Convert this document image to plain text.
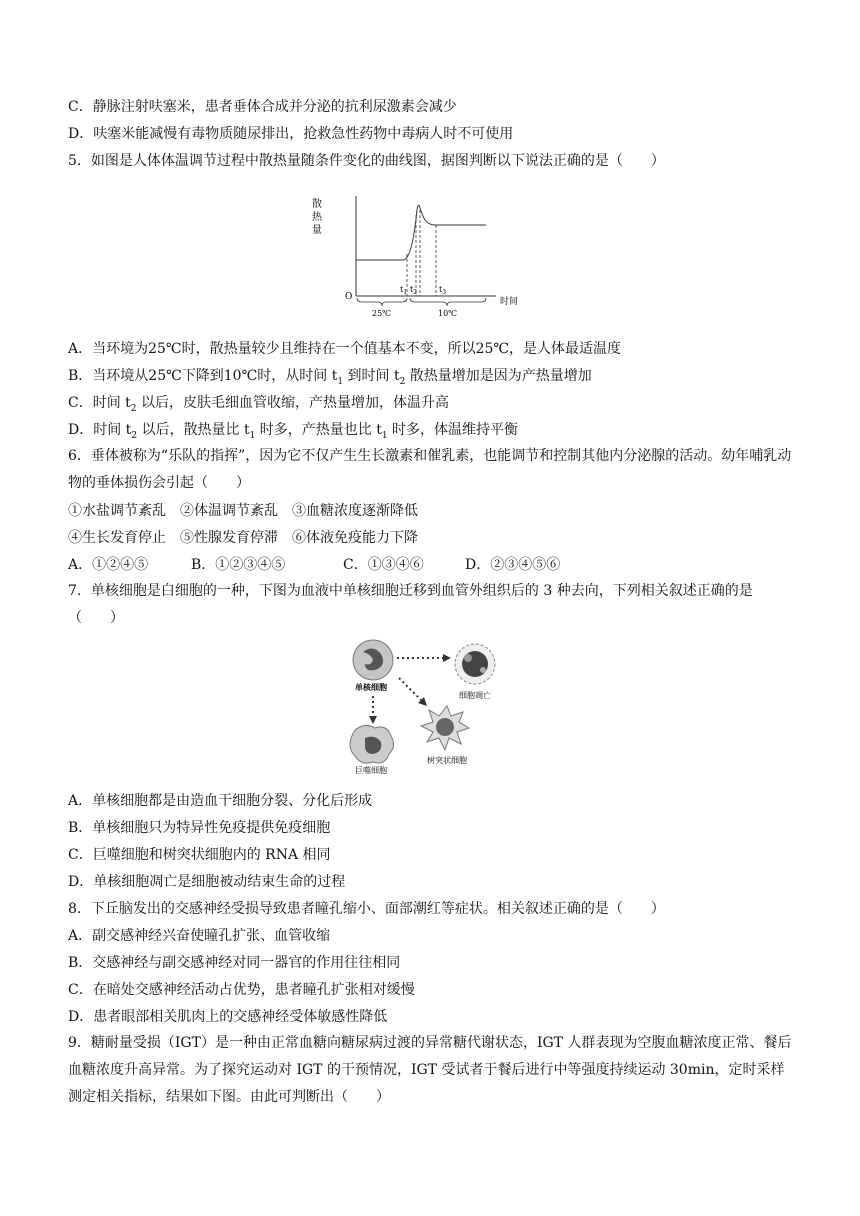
C．静脉注射呋塞米，患者垂体合成并分泌的抗利尿激素会减少
D．呋塞米能减慢有毒物质随尿排出，抢救急性药物中毒病人时不可使用
5．如图是人体体温调节过程中散热量随条件变化的曲线图，据图判断以下说法正确的是（　　）
散
热
量
O	时间
$t_1$ $t_2$	$t_3$
25℃	10℃
A．当环境为25℃时，散热量较少且维持在一个值基本不变，所以25℃，是人体最适温度
B．当环境从25℃下降到10℃时，从时间 $t_1$ 到时间 $t_2$ 散热量增加是因为产热量增加
C．时间 $t_2$ 以后，皮肤毛细血管收缩，产热量增加，体温升高
D．时间 $t_2$ 以后，散热量比 $t_1$ 时多，产热量也比 $t_1$ 时多，体温维持平衡
6．垂体被称为“乐队的指挥”，因为它不仅产生生长激素和催乳素，也能调节和控制其他内分泌腺的活动。幼年哺乳动物的垂体损伤会引起（　　）
①水盐调节紊乱　②体温调节紊乱　③血糖浓度逐渐降低
④生长发育停止　⑤性腺发育停滞　⑥体液免疫能力下降
A．①②④⑤	B．①②③④⑤	C．①③④⑥	D．②③④⑤⑥
7．单核细胞是白细胞的一种，下图为血液中单核细胞迁移到血管外组织后的 3 种去向，下列相关叙述正确的是（　　）
单核细胞
细胞凋亡
树突状细胞
巨噬细胞
A．单核细胞都是由造血干细胞分裂、分化后形成
B．单核细胞只为特异性免疫提供免疫细胞
C．巨噬细胞和树突状细胞内的 RNA 相同
D．单核细胞凋亡是细胞被动结束生命的过程
8．下丘脑发出的交感神经受损导致患者瞳孔缩小、面部潮红等症状。相关叙述正确的是（　　）
A．副交感神经兴奋使瞳孔扩张、血管收缩
B．交感神经与副交感神经对同一器官的作用往往相同
C．在暗处交感神经活动占优势，患者瞳孔扩张相对缓慢
D．患者眼部相关肌肉上的交感神经受体敏感性降低
9．糖耐量受损（IGT）是一种由正常血糖向糖尿病过渡的异常糖代谢状态，IGT 人群表现为空腹血糖浓度正常、餐后血糖浓度升高异常。为了探究运动对 IGT 的干预情况，IGT 受试者于餐后进行中等强度持续运动 30min，定时采样测定相关指标，结果如下图。由此可判断出（　　）
